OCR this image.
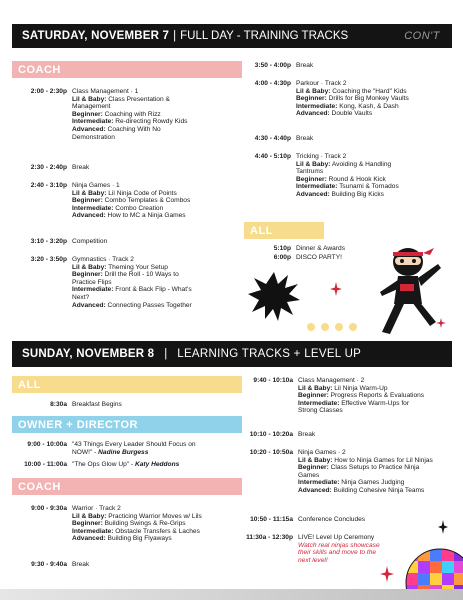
SATURDAY, NOVEMBER 7 | FULL DAY - TRAINING TRACKS	CON'T
COACH
2:00 - 2:30p Class Management · 1
Lil & Baby: Class Presentation &
Management
Beginner: Coaching with Rizz
Intermediate: Re-directing Rowdy Kids
Advanced: Coaching With No
Demonstration
2:30 - 2:40p Break
2:40 - 3:10p Ninja Games · 1
Lil & Baby: Lil Ninja Code of Points
Beginner: Combo Templates & Combos
Intermediate: Combo Creation
Advanced: How to MC a Ninja Games
3:10 - 3:20p Competition
3:20 - 3:50p Gymnastics · Track 2
Lil & Baby: Theming Your Setup
Beginner: Drill the Roll - 10 Ways to
Practice Flips
Intermediate: Front & Back Flip - What's
Next?
Advanced: Connecting Passes Together
3:50 - 4:00p Break
4:00 - 4:30p Parkour · Track 2
Lil & Baby: Coaching the "Hard" Kids
Beginner: Drills for Big Monkey Vaults
Intermediate: Kong, Kash, & Dash
Advanced: Double Vaults
4:30 - 4:40p Break
4:40 - 5:10p Tricking · Track 2
Lil & Baby: Avoiding & Handling
Tantrums
Beginner: Round & Hook Kick
Intermediate: Tsunami & Tornados
Advanced: Building Big Kicks
ALL
5:10p Dinner & Awards
6:00p DISCO PARTY!
SUNDAY, NOVEMBER 8 | LEARNING TRACKS + LEVEL UP
ALL
8:30a Breakfast Begins
OWNER + DIRECTOR
9:00 - 10:00a "43 Things Every Leader Should Focus on
NOW!" - Nadine Burgess
10:00 - 11:00a "The Ops Glow Up" - Katy Heddons
COACH
9:00 - 9:30a Warrior · Track 2
Lil & Baby: Practicing Warrior Moves w/ Lils
Beginner: Building Swings & Re-Grips
Intermediate: Obstacle Transfers & Laches
Advanced: Building Big Flyaways
9:30 - 9:40a Break
9:40 - 10:10a Class Management · 2
Lil & Baby: Lil Ninja Warm-Up
Beginner: Progress Reports & Evaluations
Intermediate: Effective Warm-Ups for
Strong Classes
10:10 - 10:20a Break
10:20 - 10:50a Ninja Games · 2
Lil & Baby: How to Ninja Games for Lil Ninjas
Beginner: Class Setups to Practice Ninja
Games
Intermediate: Ninja Games Judging
Advanced: Building Cohesive Ninja Teams
10:50 - 11:15a Conference Concludes
11:30a - 12:30p LIVE! Level Up Ceremony
Watch real ninjas showcase
their skills and move to the
next level!
